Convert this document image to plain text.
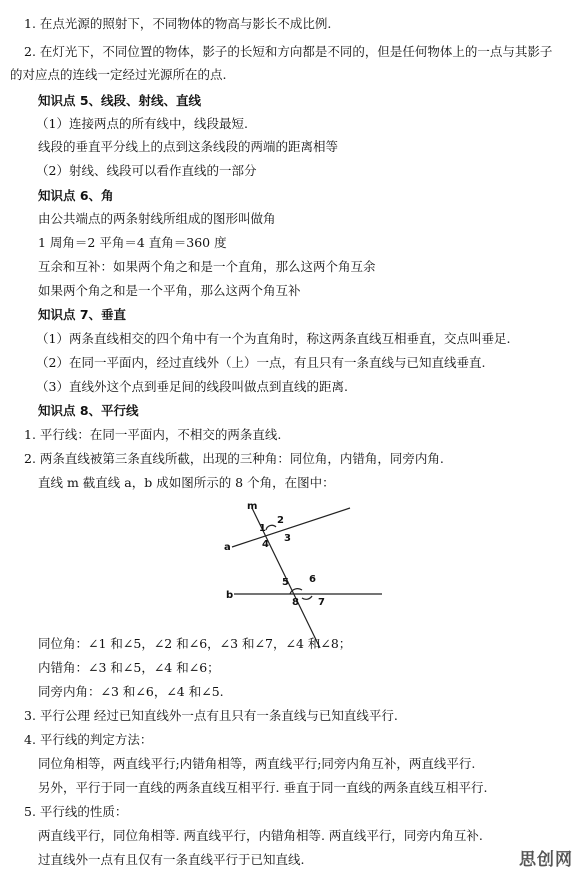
1. 在点光源的照射下，不同物体的物高与影长不成比例.
2. 在灯光下，不同位置的物体，影子的长短和方向都是不同的，但是任何物体上的一点与其影子
的对应点的连线一定经过光源所在的点.
知识点 5、线段、射线、直线
（1）连接两点的所有线中，线段最短.
线段的垂直平分线上的点到这条线段的两端的距离相等
（2）射线、线段可以看作直线的一部分
知识点 6、角
由公共端点的两条射线所组成的图形叫做角
1 周角＝2 平角＝4 直角＝360 度
互余和互补：如果两个角之和是一个直角，那么这两个角互余
如果两个角之和是一个平角，那么这两个角互补
知识点 7、垂直
（1）两条直线相交的四个角中有一个为直角时，称这两条直线互相垂直，交点叫垂足.
（2）在同一平面内，经过直线外（上）一点，有且只有一条直线与已知直线垂直.
（3）直线外这个点到垂足间的线段叫做点到直线的距离.
知识点 8、平行线
1. 平行线：在同一平面内，不相交的两条直线.
2. 两条直线被第三条直线所截，出现的三种角：同位角，内错角，同旁内角.
直线 m 截直线 a，b 成如图所示的 8 个角，在图中：
m
a
b
1
2
3
4
5 6
7
8
同位角：∠1 和∠5，∠2 和∠6，∠3 和∠7，∠4 和∠8；
内错角：∠3 和∠5，∠4 和∠6；
同旁内角：∠3 和∠6，∠4 和∠5.
3. 平行公理 经过已知直线外一点有且只有一条直线与已知直线平行.
4. 平行线的判定方法：
同位角相等，两直线平行;内错角相等，两直线平行;同旁内角互补，两直线平行.
另外，平行于同一直线的两条直线互相平行. 垂直于同一直线的两条直线互相平行.
5. 平行线的性质：
两直线平行，同位角相等. 两直线平行，内错角相等. 两直线平行，同旁内角互补.
过直线外一点有且仅有一条直线平行于已知直线.	思创网
